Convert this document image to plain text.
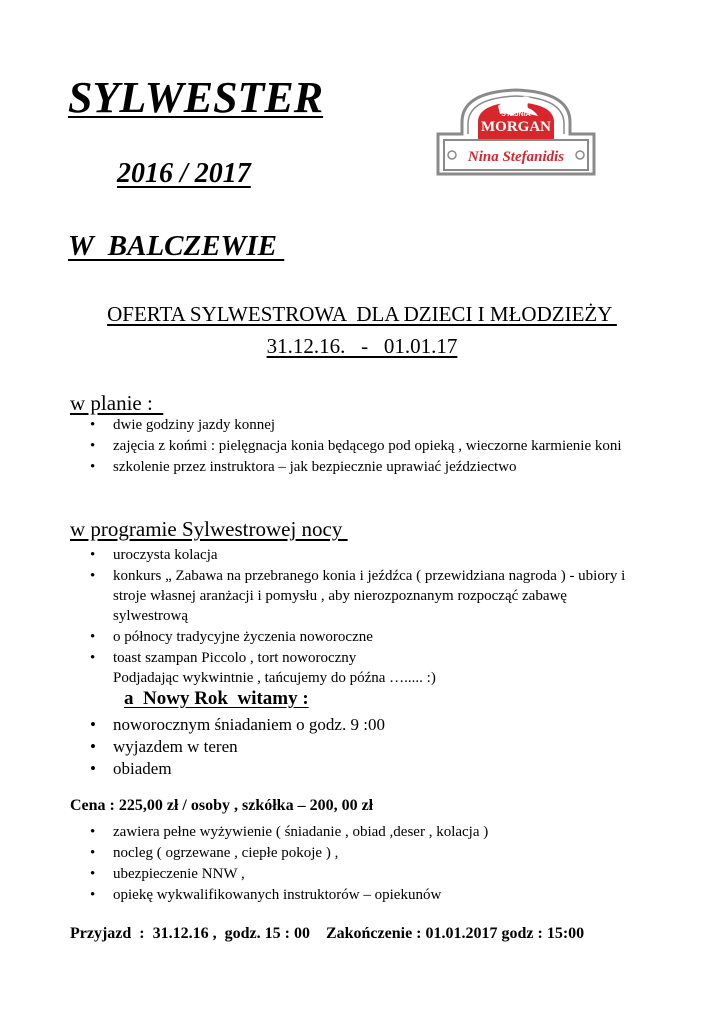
SYLWESTER
2016 / 2017
W  BALCZEWIE
STAJNIA
MORGAN
Nina Stefanidis
OFERTA SYLWESTROWA  DLA DZIECI I MŁODZIEŻY
31.12.16.   -   01.01.17
w planie :
• dwie godziny jazdy konnej
• zajęcia z końmi : pielęgnacja konia będącego pod opieką , wieczorne karmienie koni
• szkolenie przez instruktora – jak bezpiecznie uprawiać jeździectwo
w programie Sylwestrowej nocy
• uroczysta kolacja
• konkurs „ Zabawa na przebranego konia i jeźdźca ( przewidziana nagroda ) - ubiory i stroje własnej aranżacji i pomysłu , aby nierozpoznanym rozpocząć zabawę sylwestrową
• o północy tradycyjne życzenia noworoczne
• toast szampan Piccolo , tort noworoczny
Podjadając wykwintnie , tańcujemy do późna …..... :)
a  Nowy Rok  witamy :
• noworocznym śniadaniem o godz. 9 :00
• wyjazdem w teren
• obiadem
Cena : 225,00 zł / osoby , szkółka – 200, 00 zł
• zawiera pełne wyżywienie ( śniadanie , obiad ,deser , kolacja )
• nocleg ( ogrzewane , ciepłe pokoje ) ,
• ubezpieczenie NNW ,
• opiekę wykwalifikowanych instruktorów – opiekunów
Przyjazd  :  31.12.16 ,  godz. 15 : 00    Zakończenie : 01.01.2017 godz : 15:00
